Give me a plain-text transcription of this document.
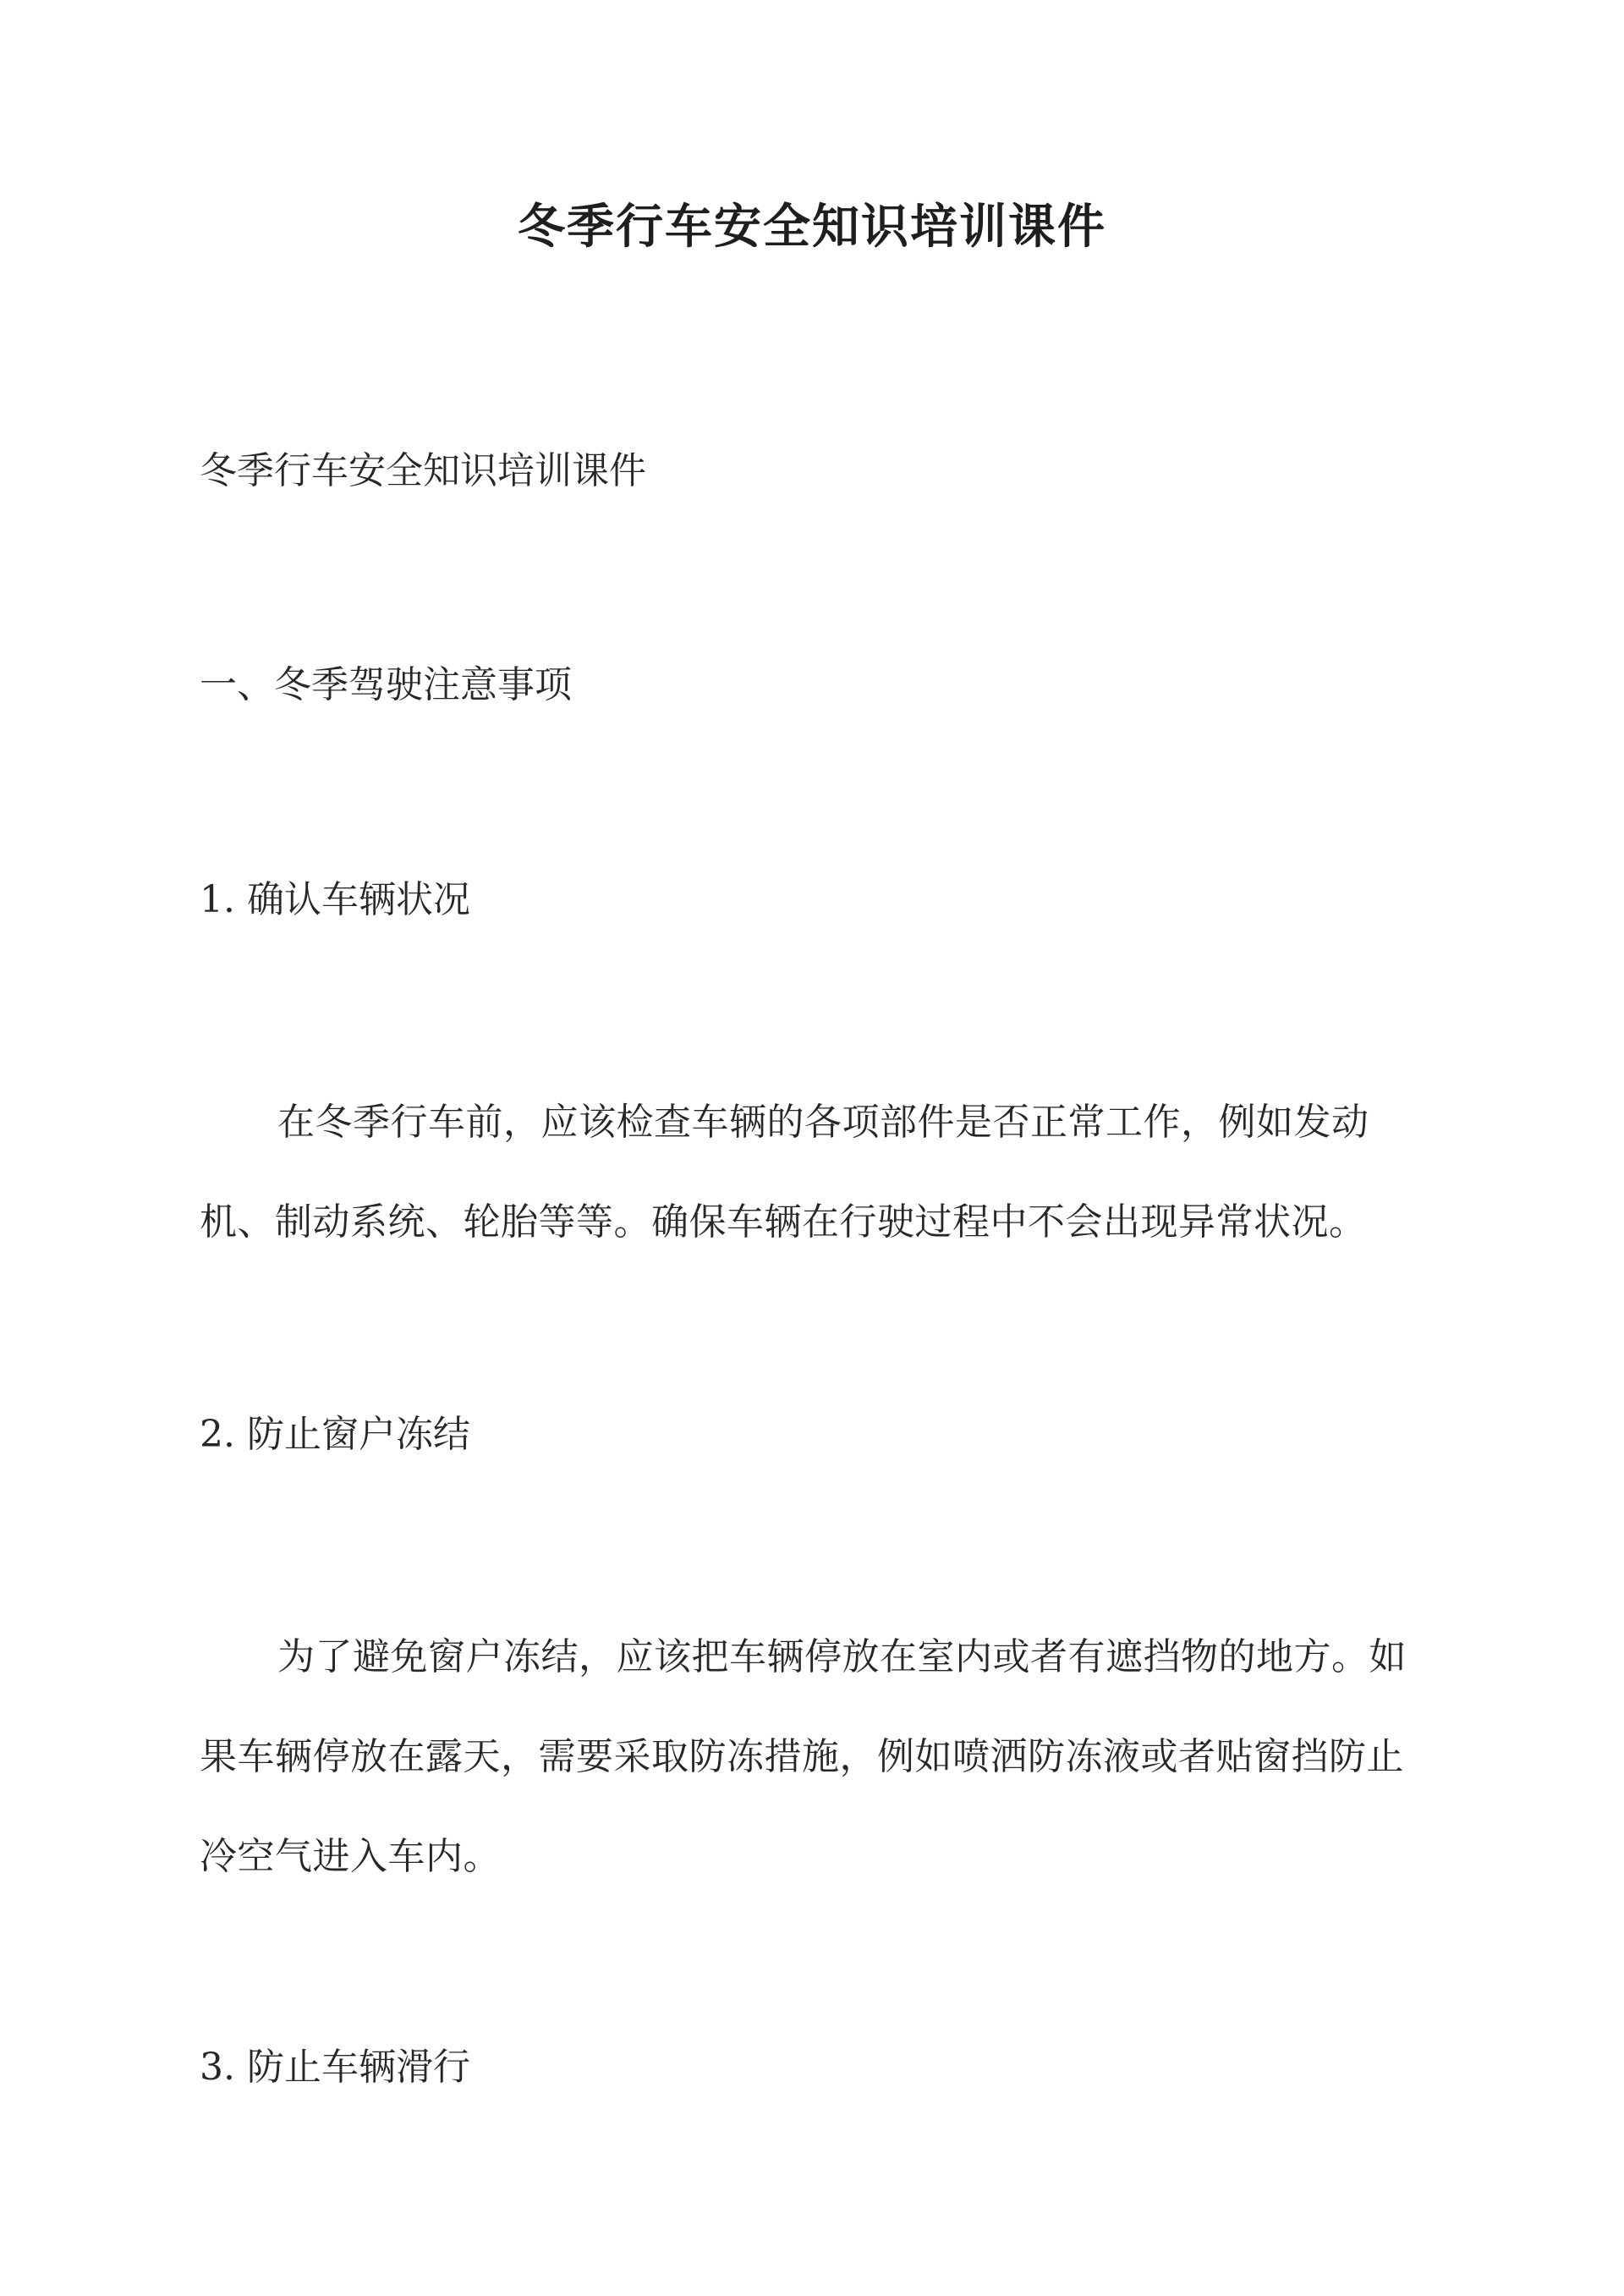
冬季行车安全知识培训课件

冬季行车安全知识培训课件

一、冬季驾驶注意事项

1. 确认车辆状况

在冬季行车前，应该检查车辆的各项部件是否正常工作，例如发动机、制动系统、轮胎等等。确保车辆在行驶过程中不会出现异常状况。

2. 防止窗户冻结

为了避免窗户冻结，应该把车辆停放在室内或者有遮挡物的地方。如果车辆停放在露天，需要采取防冻措施，例如喷洒防冻液或者贴窗挡防止冷空气进入车内。

3. 防止车辆滑行
